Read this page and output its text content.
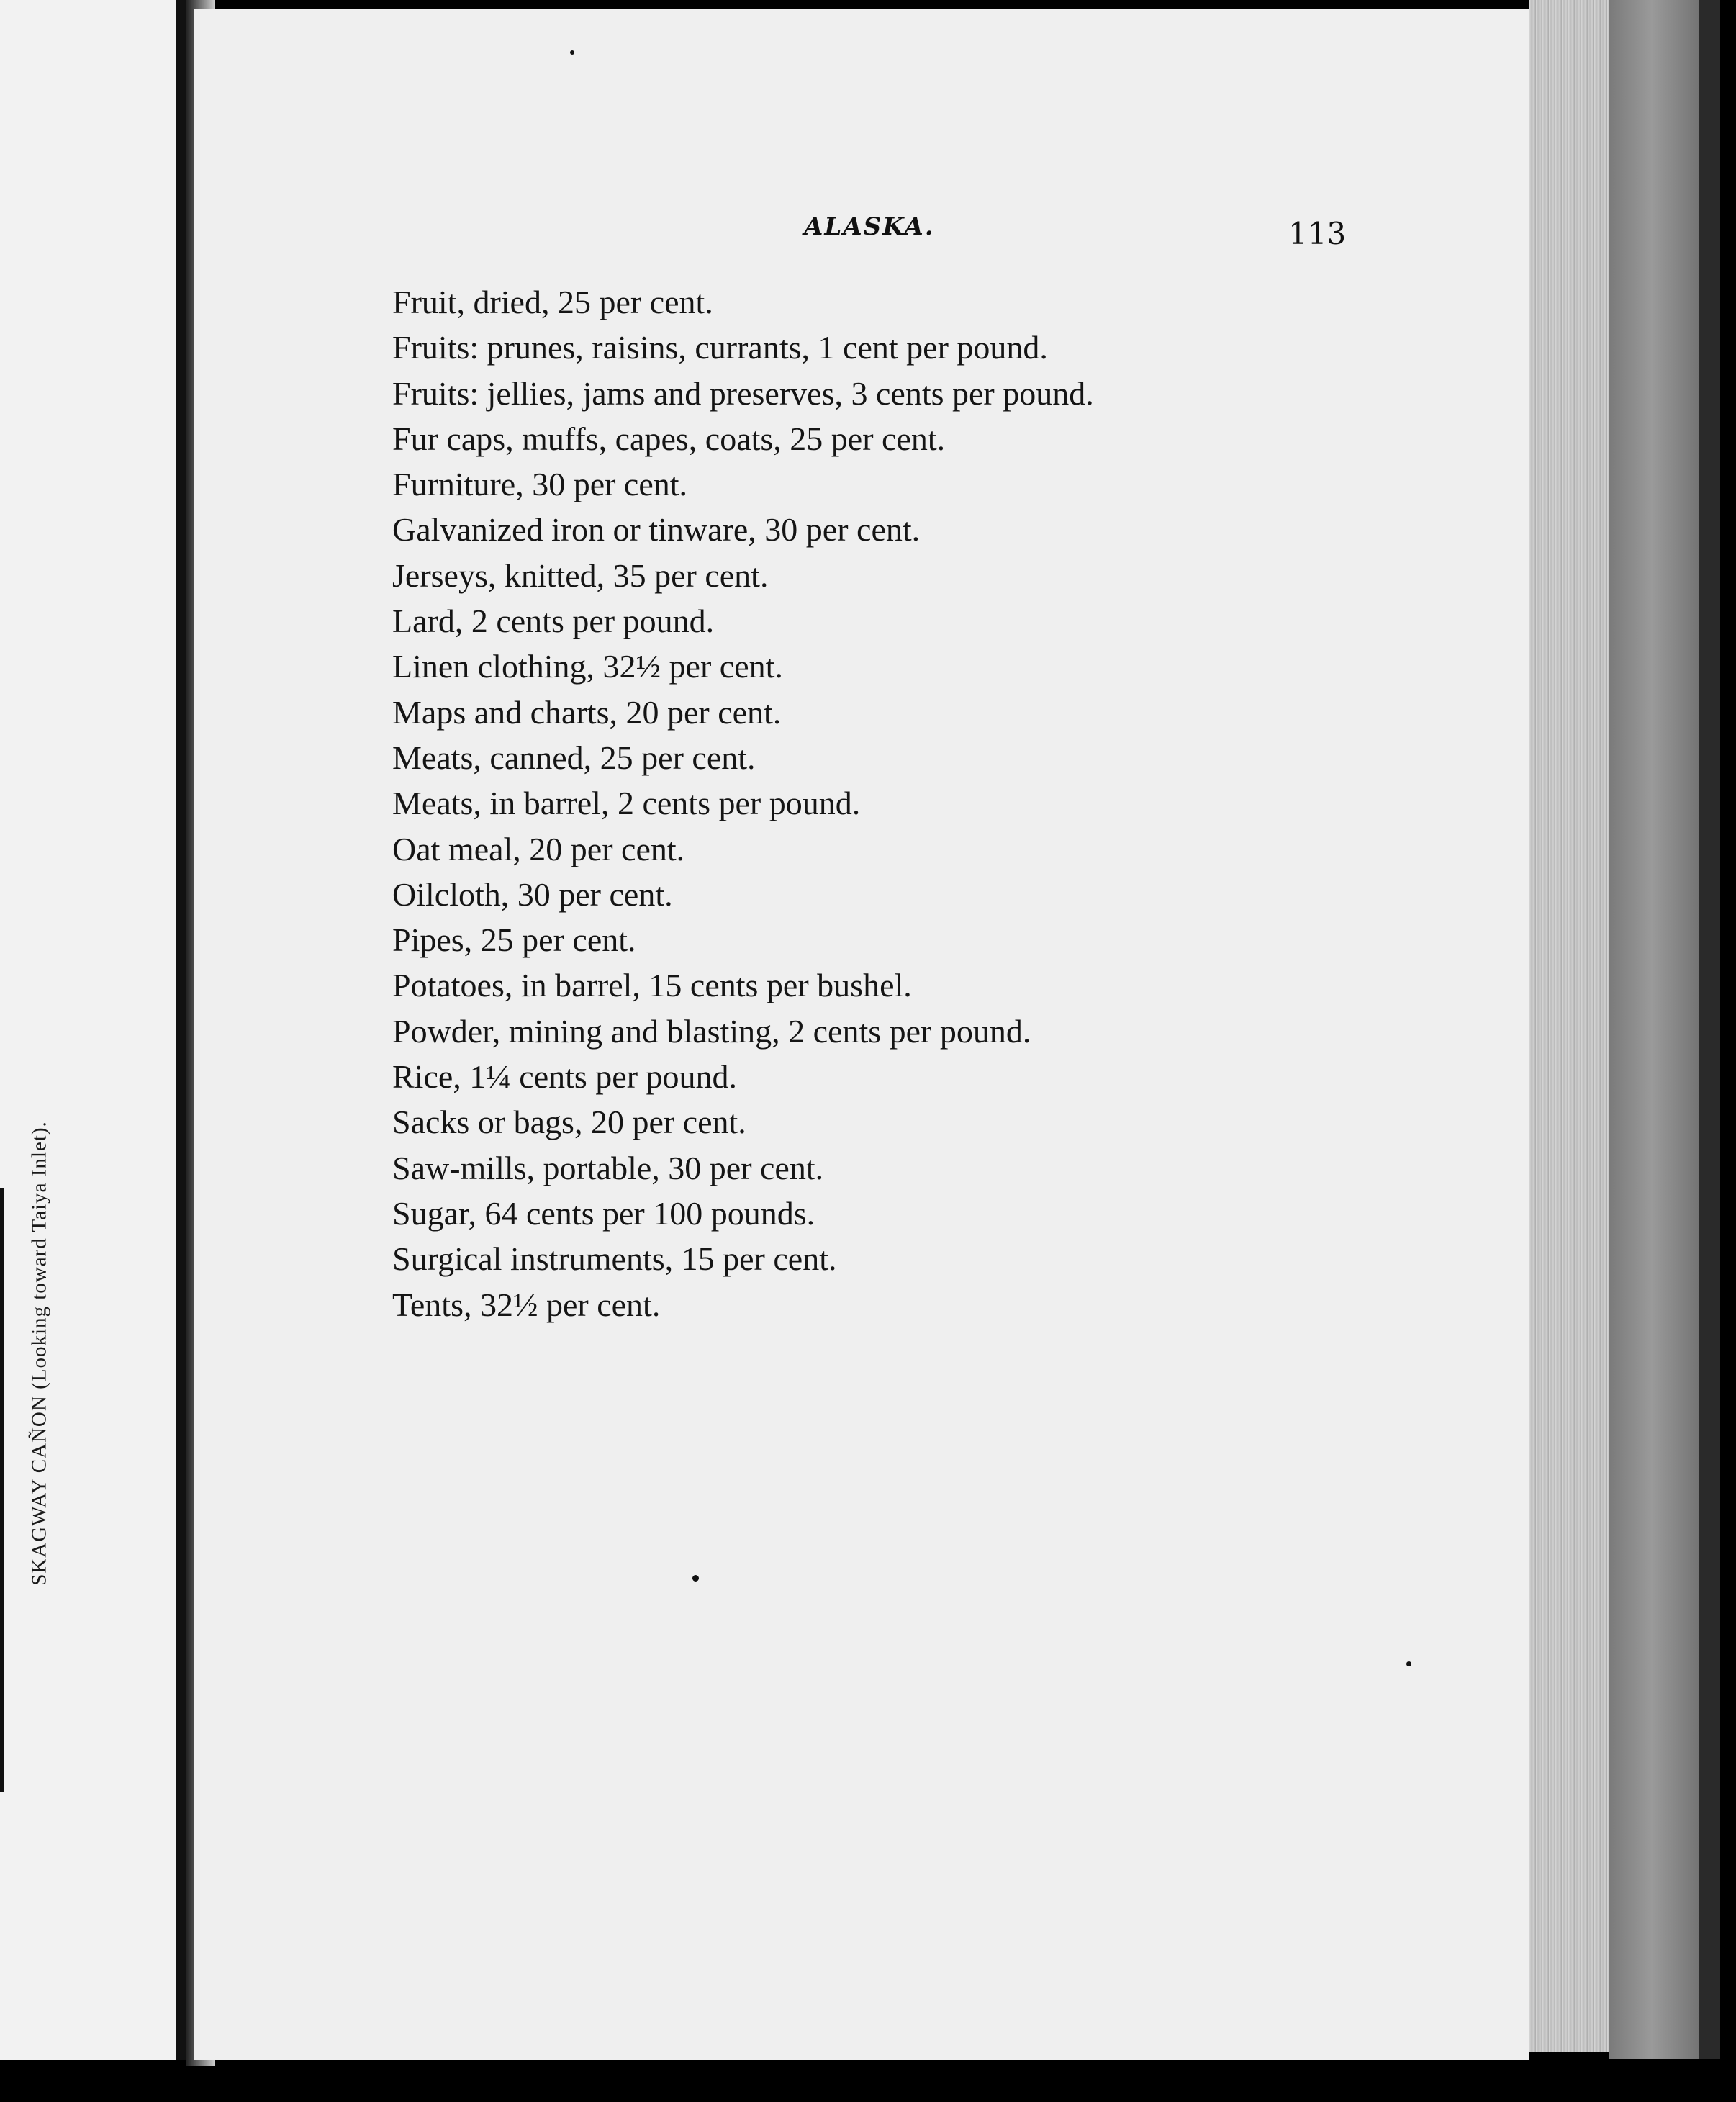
SKAGWAY CAÑON (Looking toward Taiya Inlet).
ALASKA.	113
Fruit, dried, 25 per cent.
Fruits: prunes, raisins, currants, 1 cent per pound.
Fruits: jellies, jams and preserves, 3 cents per pound.
Fur caps, muffs, capes, coats, 25 per cent.
Furniture, 30 per cent.
Galvanized iron or tinware, 30 per cent.
Jerseys, knitted, 35 per cent.
Lard, 2 cents per pound.
Linen clothing, 32½ per cent.
Maps and charts, 20 per cent.
Meats, canned, 25 per cent.
Meats, in barrel, 2 cents per pound.
Oat meal, 20 per cent.
Oilcloth, 30 per cent.
Pipes, 25 per cent.
Potatoes, in barrel, 15 cents per bushel.
Powder, mining and blasting, 2 cents per pound.
Rice, 1¼ cents per pound.
Sacks or bags, 20 per cent.
Saw-mills, portable, 30 per cent.
Sugar, 64 cents per 100 pounds.
Surgical instruments, 15 per cent.
Tents, 32½ per cent.
